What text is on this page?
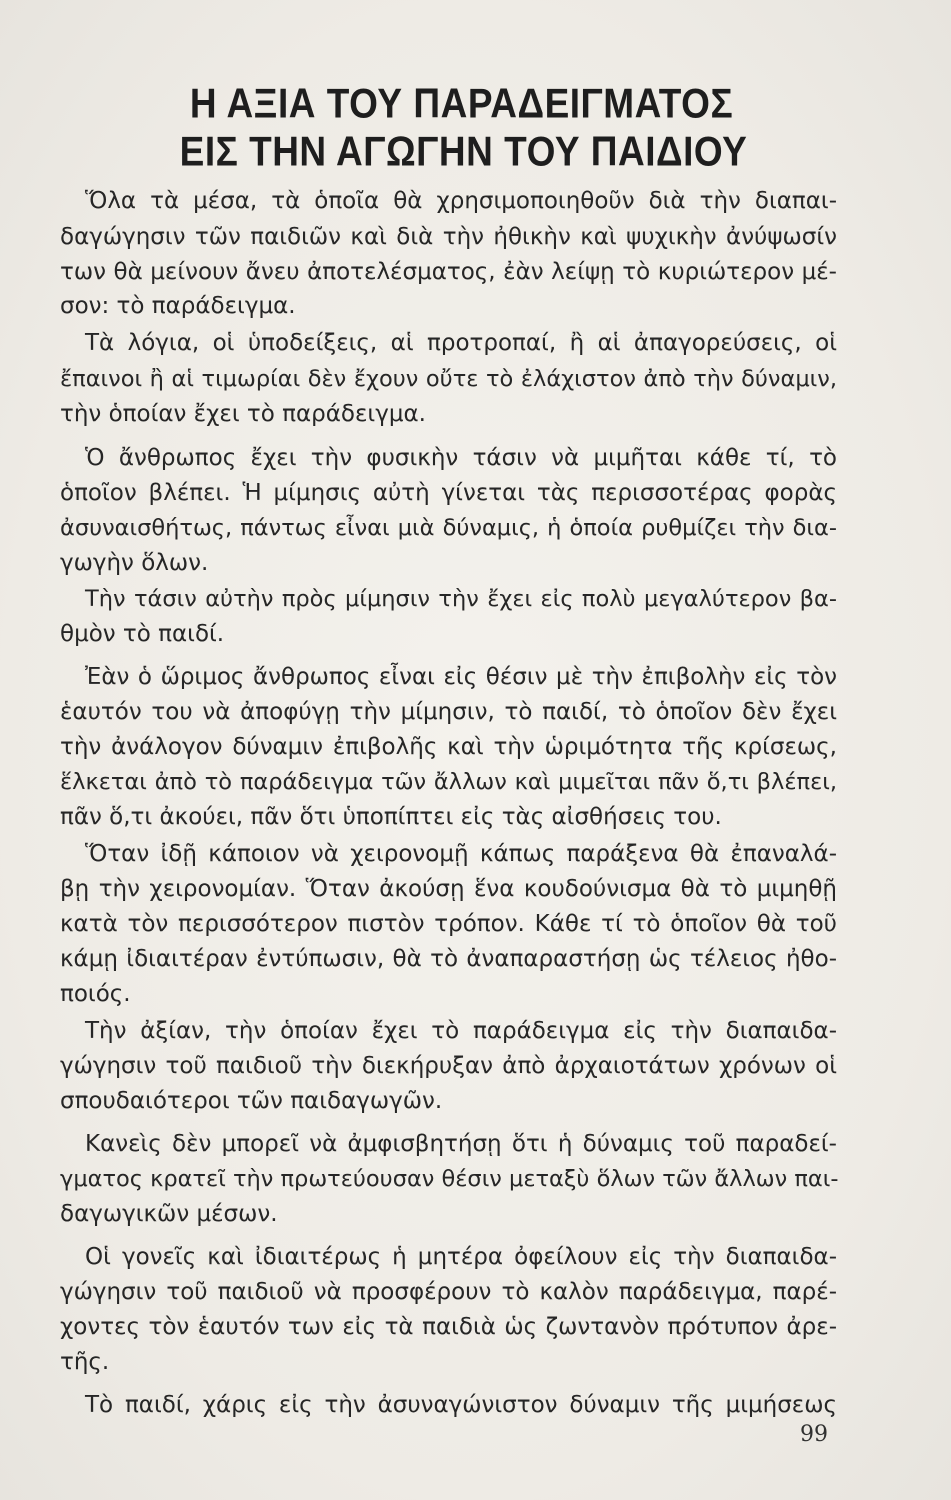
Η ΑΞΙΑ ΤΟΥ ΠΑΡΑΔΕΙΓΜΑΤΟΣ
ΕΙΣ ΤΗΝ ΑΓΩΓΗΝ ΤΟΥ ΠΑΙΔΙΟΥ
Ὅλα τὰ μέσα, τὰ ὁποῖα θὰ χρησιμοποιηθοῦν διὰ τὴν διαπαι-
δαγώγησιν τῶν παιδιῶν καὶ διὰ τὴν ἠθικὴν καὶ ψυχικὴν ἀνύψωσίν
των θὰ μείνουν ἄνευ ἀποτελέσματος, ἐὰν λείψῃ τὸ κυριώτερον μέ-
σον: τὸ παράδειγμα.
Τὰ λόγια, οἱ ὑποδείξεις, αἱ προτροπαί, ἢ αἱ ἀπαγορεύσεις, οἱ
ἔπαινοι ἢ αἱ τιμωρίαι δὲν ἔχουν οὔτε τὸ ἐλάχιστον ἀπὸ τὴν δύναμιν,
τὴν ὁποίαν ἔχει τὸ παράδειγμα.
Ὁ ἄνθρωπος ἔχει τὴν φυσικὴν τάσιν νὰ μιμῆται κάθε τί, τὸ
ὁποῖον βλέπει. Ἡ μίμησις αὐτὴ γίνεται τὰς περισσοτέρας φορὰς
ἀσυναισθήτως, πάντως εἶναι μιὰ δύναμις, ἡ ὁποία ρυθμίζει τὴν δια-
γωγὴν ὅλων.
Τὴν τάσιν αὐτὴν πρὸς μίμησιν τὴν ἔχει εἰς πολὺ μεγαλύτερον βα-
θμὸν τὸ παιδί.
Ἐὰν ὁ ὥριμος ἄνθρωπος εἶναι εἰς θέσιν μὲ τὴν ἐπιβολὴν εἰς τὸν
ἑαυτόν του νὰ ἀποφύγῃ τὴν μίμησιν, τὸ παιδί, τὸ ὁποῖον δὲν ἔχει
τὴν ἀνάλογον δύναμιν ἐπιβολῆς καὶ τὴν ὡριμότητα τῆς κρίσεως,
ἕλκεται ἀπὸ τὸ παράδειγμα τῶν ἄλλων καὶ μιμεῖται πᾶν ὅ,τι βλέπει,
πᾶν ὅ,τι ἀκούει, πᾶν ὅτι ὑποπίπτει εἰς τὰς αἰσθήσεις του.
Ὅταν ἰδῇ κάποιον νὰ χειρονομῇ κάπως παράξενα θὰ ἐπαναλά-
βῃ τὴν χειρονομίαν. Ὅταν ἀκούσῃ ἕνα κουδούνισμα θὰ τὸ μιμηθῇ
κατὰ τὸν περισσότερον πιστὸν τρόπον. Κάθε τί τὸ ὁποῖον θὰ τοῦ
κάμῃ ἰδιαιτέραν ἐντύπωσιν, θὰ τὸ ἀναπαραστήσῃ ὡς τέλειος ἠθο-
ποιός.
Τὴν ἀξίαν, τὴν ὁποίαν ἔχει τὸ παράδειγμα εἰς τὴν διαπαιδα-
γώγησιν τοῦ παιδιοῦ τὴν διεκήρυξαν ἀπὸ ἀρχαιοτάτων χρόνων οἱ
σπουδαιότεροι τῶν παιδαγωγῶν.
Κανεὶς δὲν μπορεῖ νὰ ἀμφισβητήσῃ ὅτι ἡ δύναμις τοῦ παραδεί-
γματος κρατεῖ τὴν πρωτεύουσαν θέσιν μεταξὺ ὅλων τῶν ἄλλων παι-
δαγωγικῶν μέσων.
Οἱ γονεῖς καὶ ἰδιαιτέρως ἡ μητέρα ὀφείλουν εἰς τὴν διαπαιδα-
γώγησιν τοῦ παιδιοῦ νὰ προσφέρουν τὸ καλὸν παράδειγμα, παρέ-
χοντες τὸν ἑαυτόν των εἰς τὰ παιδιὰ ὡς ζωντανὸν πρότυπον ἀρε-
τῆς.
Τὸ παιδί, χάρις εἰς τὴν ἀσυναγώνιστον δύναμιν τῆς μιμήσεως
99
